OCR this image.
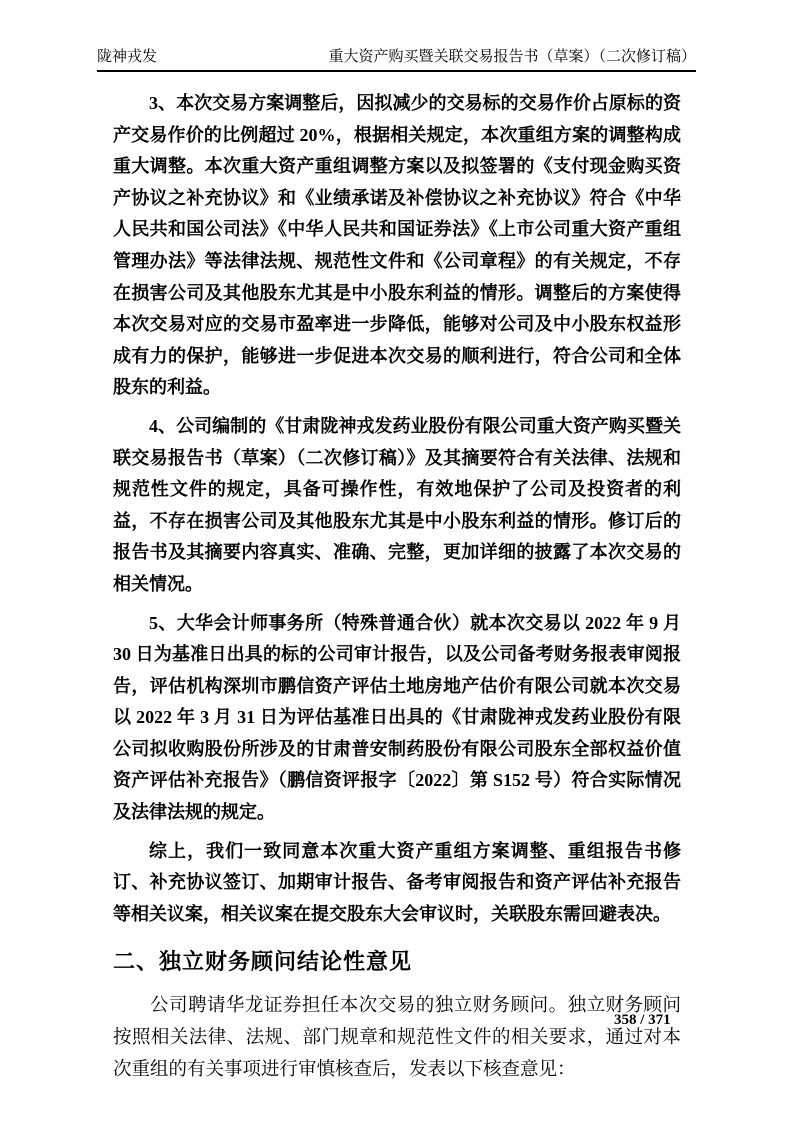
陇神戎发	重大资产购买暨关联交易报告书（草案）（二次修订稿）

3、本次交易方案调整后，因拟减少的交易标的交易作价占原标的资产交易作价的比例超过 20%，根据相关规定，本次重组方案的调整构成重大调整。本次重大资产重组调整方案以及拟签署的《支付现金购买资产协议之补充协议》和《业绩承诺及补偿协议之补充协议》符合《中华人民共和国公司法》《中华人民共和国证券法》《上市公司重大资产重组管理办法》等法律法规、规范性文件和《公司章程》的有关规定，不存在损害公司及其他股东尤其是中小股东利益的情形。调整后的方案使得本次交易对应的交易市盈率进一步降低，能够对公司及中小股东权益形成有力的保护，能够进一步促进本次交易的顺利进行，符合公司和全体股东的利益。

4、公司编制的《甘肃陇神戎发药业股份有限公司重大资产购买暨关联交易报告书（草案）（二次修订稿）》及其摘要符合有关法律、法规和规范性文件的规定，具备可操作性，有效地保护了公司及投资者的利益，不存在损害公司及其他股东尤其是中小股东利益的情形。修订后的报告书及其摘要内容真实、准确、完整，更加详细的披露了本次交易的相关情况。

5、大华会计师事务所（特殊普通合伙）就本次交易以 2022 年 9 月 30 日为基准日出具的标的公司审计报告，以及公司备考财务报表审阅报告，评估机构深圳市鹏信资产评估土地房地产估价有限公司就本次交易以 2022 年 3 月 31 日为评估基准日出具的《甘肃陇神戎发药业股份有限公司拟收购股份所涉及的甘肃普安制药股份有限公司股东全部权益价值资产评估补充报告》（鹏信资评报字〔2022〕第 S152 号）符合实际情况及法律法规的规定。

综上，我们一致同意本次重大资产重组方案调整、重组报告书修订、补充协议签订、加期审计报告、备考审阅报告和资产评估补充报告等相关议案，相关议案在提交股东大会审议时，关联股东需回避表决。

二、独立财务顾问结论性意见

公司聘请华龙证券担任本次交易的独立财务顾问。独立财务顾问按照相关法律、法规、部门规章和规范性文件的相关要求，通过对本次重组的有关事项进行审慎核查后，发表以下核查意见：

358 / 371
